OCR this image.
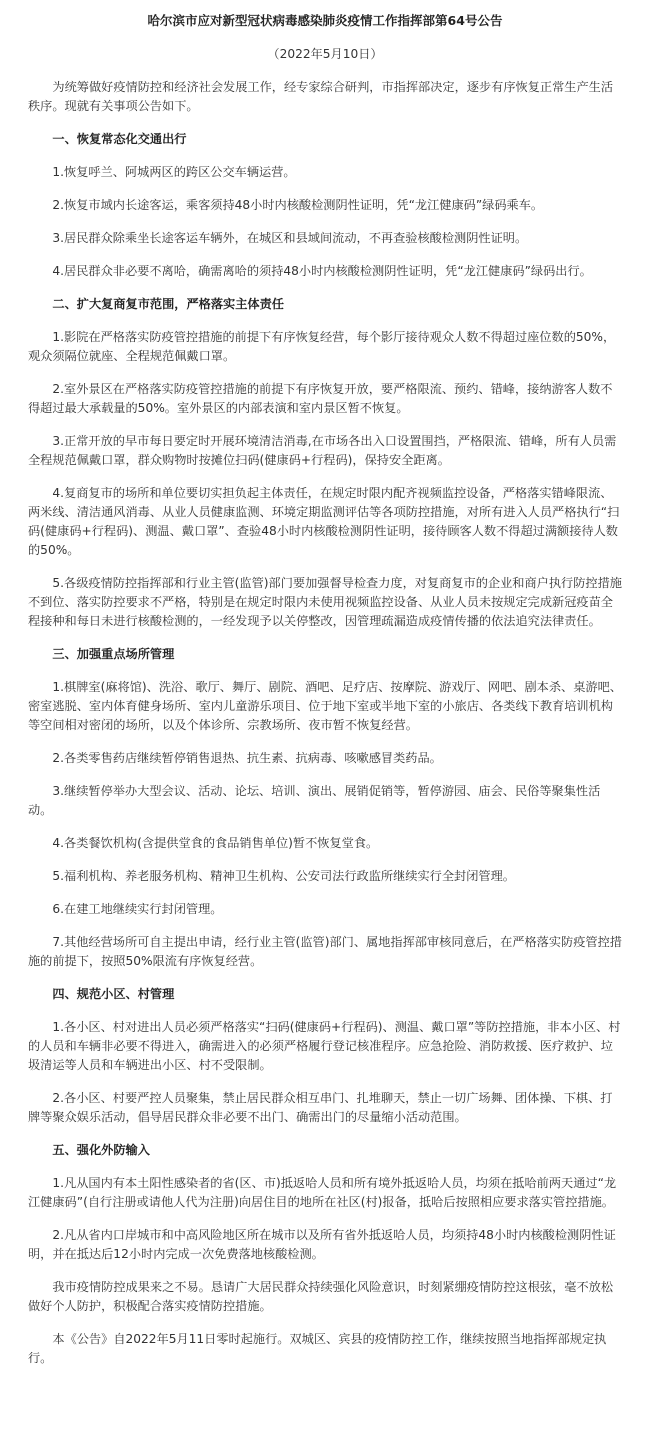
哈尔滨市应对新型冠状病毒感染肺炎疫情工作指挥部第64号公告

（2022年5月10日）

为统筹做好疫情防控和经济社会发展工作，经专家综合研判，市指挥部决定，逐步有序恢复正常生产生活秩序。现就有关事项公告如下。

一、恢复常态化交通出行

1.恢复呼兰、阿城两区的跨区公交车辆运营。

2.恢复市域内长途客运，乘客须持48小时内核酸检测阴性证明，凭“龙江健康码”绿码乘车。

3.居民群众除乘坐长途客运车辆外，在城区和县域间流动，不再查验核酸检测阴性证明。

4.居民群众非必要不离哈，确需离哈的须持48小时内核酸检测阴性证明，凭“龙江健康码”绿码出行。

二、扩大复商复市范围，严格落实主体责任

1.影院在严格落实防疫管控措施的前提下有序恢复经营，每个影厅接待观众人数不得超过座位数的50%，观众须隔位就座、全程规范佩戴口罩。

2.室外景区在严格落实防疫管控措施的前提下有序恢复开放，要严格限流、预约、错峰，接纳游客人数不得超过最大承载量的50%。室外景区的内部表演和室内景区暂不恢复。

3.正常开放的早市每日要定时开展环境清洁消毒,在市场各出入口设置围挡，严格限流、错峰，所有人员需全程规范佩戴口罩，群众购物时按摊位扫码(健康码+行程码)，保持安全距离。

4.复商复市的场所和单位要切实担负起主体责任，在规定时限内配齐视频监控设备，严格落实错峰限流、两米线、清洁通风消毒、从业人员健康监测、环境定期监测评估等各项防控措施，对所有进入人员严格执行“扫码(健康码+行程码)、测温、戴口罩”、查验48小时内核酸检测阴性证明，接待顾客人数不得超过满额接待人数的50%。

5.各级疫情防控指挥部和行业主管(监管)部门要加强督导检查力度，对复商复市的企业和商户执行防控措施不到位、落实防控要求不严格，特别是在规定时限内未使用视频监控设备、从业人员未按规定完成新冠疫苗全程接种和每日未进行核酸检测的，一经发现予以关停整改，因管理疏漏造成疫情传播的依法追究法律责任。

三、加强重点场所管理

1.棋牌室(麻将馆)、洗浴、歌厅、舞厅、剧院、酒吧、足疗店、按摩院、游戏厅、网吧、剧本杀、桌游吧、密室逃脱、室内体育健身场所、室内儿童游乐项目、位于地下室或半地下室的小旅店、各类线下教育培训机构等空间相对密闭的场所，以及个体诊所、宗教场所、夜市暂不恢复经营。

2.各类零售药店继续暂停销售退热、抗生素、抗病毒、咳嗽感冒类药品。

3.继续暂停举办大型会议、活动、论坛、培训、演出、展销促销等，暂停游园、庙会、民俗等聚集性活动。

4.各类餐饮机构(含提供堂食的食品销售单位)暂不恢复堂食。

5.福利机构、养老服务机构、精神卫生机构、公安司法行政监所继续实行全封闭管理。

6.在建工地继续实行封闭管理。

7.其他经营场所可自主提出申请，经行业主管(监管)部门、属地指挥部审核同意后，在严格落实防疫管控措施的前提下，按照50%限流有序恢复经营。

四、规范小区、村管理

1.各小区、村对进出人员必须严格落实“扫码(健康码+行程码)、测温、戴口罩”等防控措施，非本小区、村的人员和车辆非必要不得进入，确需进入的必须严格履行登记核准程序。应急抢险、消防救援、医疗救护、垃圾清运等人员和车辆进出小区、村不受限制。

2.各小区、村要严控人员聚集，禁止居民群众相互串门、扎堆聊天，禁止一切广场舞、团体操、下棋、打牌等聚众娱乐活动，倡导居民群众非必要不出门、确需出门的尽量缩小活动范围。

五、强化外防输入

1.凡从国内有本土阳性感染者的省(区、市)抵返哈人员和所有境外抵返哈人员，均须在抵哈前两天通过“龙江健康码”(自行注册或请他人代为注册)向居住目的地所在社区(村)报备，抵哈后按照相应要求落实管控措施。

2.凡从省内口岸城市和中高风险地区所在城市以及所有省外抵返哈人员，均须持48小时内核酸检测阴性证明，并在抵达后12小时内完成一次免费落地核酸检测。

我市疫情防控成果来之不易。恳请广大居民群众持续强化风险意识，时刻紧绷疫情防控这根弦，毫不放松做好个人防护，积极配合落实疫情防控措施。

本《公告》自2022年5月11日零时起施行。双城区、宾县的疫情防控工作，继续按照当地指挥部规定执行。
